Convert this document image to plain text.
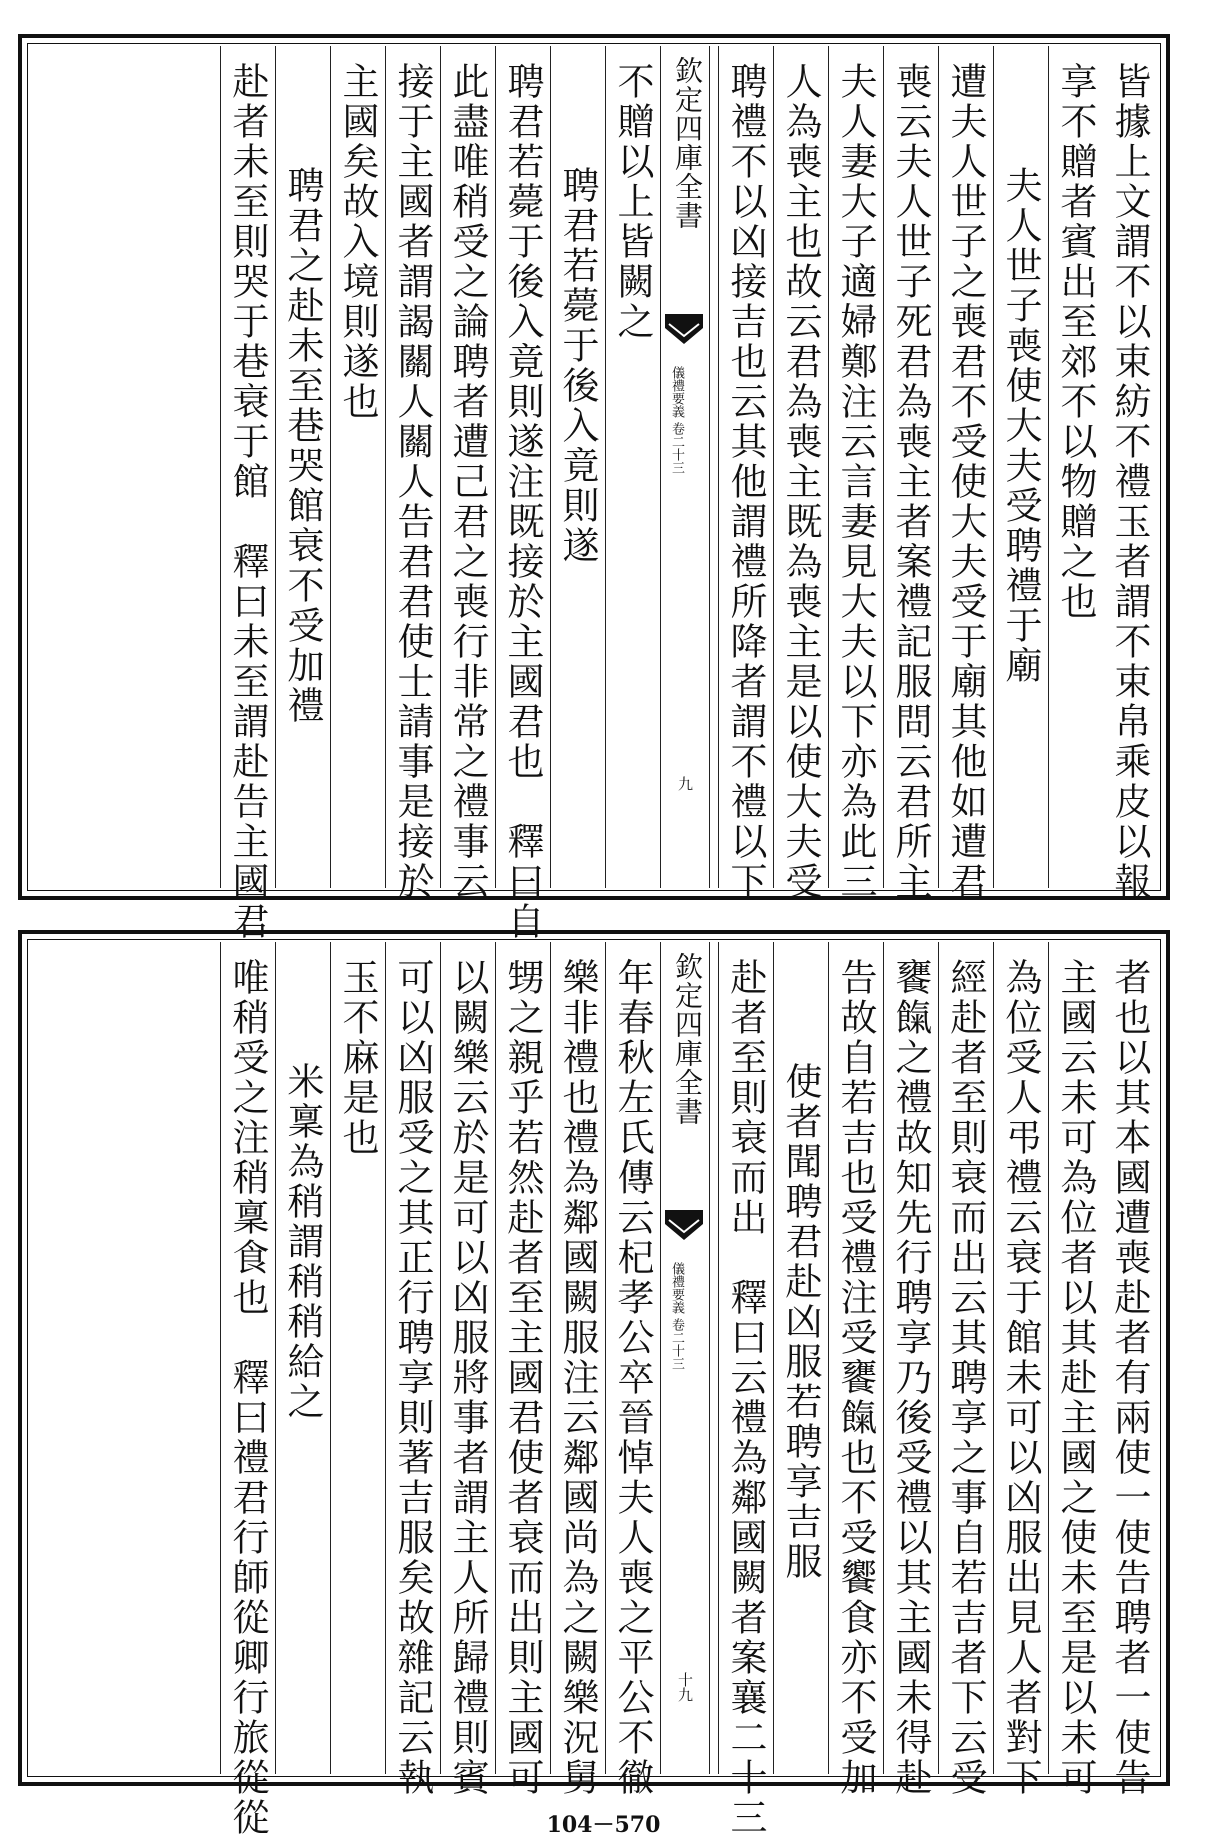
皆據上文謂不以束紡不禮玉者謂不束帛乘皮以報
享不贈者賓出至郊不以物贈之也
夫人世子喪使大夫受聘禮于廟
遭夫人世子之喪君不受使大夫受于廟其他如遭君
喪云夫人世子死君為喪主者案禮記服問云君所主
夫人妻大子適婦鄭注云言妻見大夫以下亦為此三
人為喪主也故云君為喪主既為喪主是以使大夫受
聘禮不以凶接吉也云其他謂禮所降者謂不禮以下
不贈以上皆闕之
聘君若薨于後入竟則遂
聘君若薨于後入竟則遂注既接於主國君也　釋曰自
此盡唯稍受之論聘者遭己君之喪行非常之禮事云
接于主國者謂謁關人關人告君君使士請事是接於
主國矣故入境則遂也
聘君之赴未至巷哭館衰不受加禮
赴者未至則哭于巷衰于館　釋曰未至謂赴告主國君	欽定四庫全書
儀禮要義 卷二十三
九
者也以其本國遭喪赴者有兩使一使告聘者一使告
主國云未可為位者以其赴主國之使未至是以未可
為位受人弔禮云衰于館未可以凶服出見人者對下
經赴者至則衰而出云其聘享之事自若吉者下云受
饔餼之禮故知先行聘享乃後受禮以其主國未得赴
告故自若吉也受禮注受饔餼也不受饗食亦不受加
使者聞聘君赴凶服若聘享吉服
赴者至則衰而出　釋曰云禮為鄰國闕者案襄二十三
年春秋左氏傳云杞孝公卒晉悼夫人喪之平公不徹
樂非禮也禮為鄰國闕服注云鄰國尚為之闕樂況舅
甥之親乎若然赴者至主國君使者衰而出則主國可
以闕樂云於是可以凶服將事者謂主人所歸禮則賓
可以凶服受之其正行聘享則著吉服矣故雜記云執
玉不麻是也
米稟為稍謂稍稍給之
唯稍受之注稍稟食也　釋曰禮君行師從卿行旅從從	欽定四庫全書
儀禮要義 卷二十三
十九
104－570
